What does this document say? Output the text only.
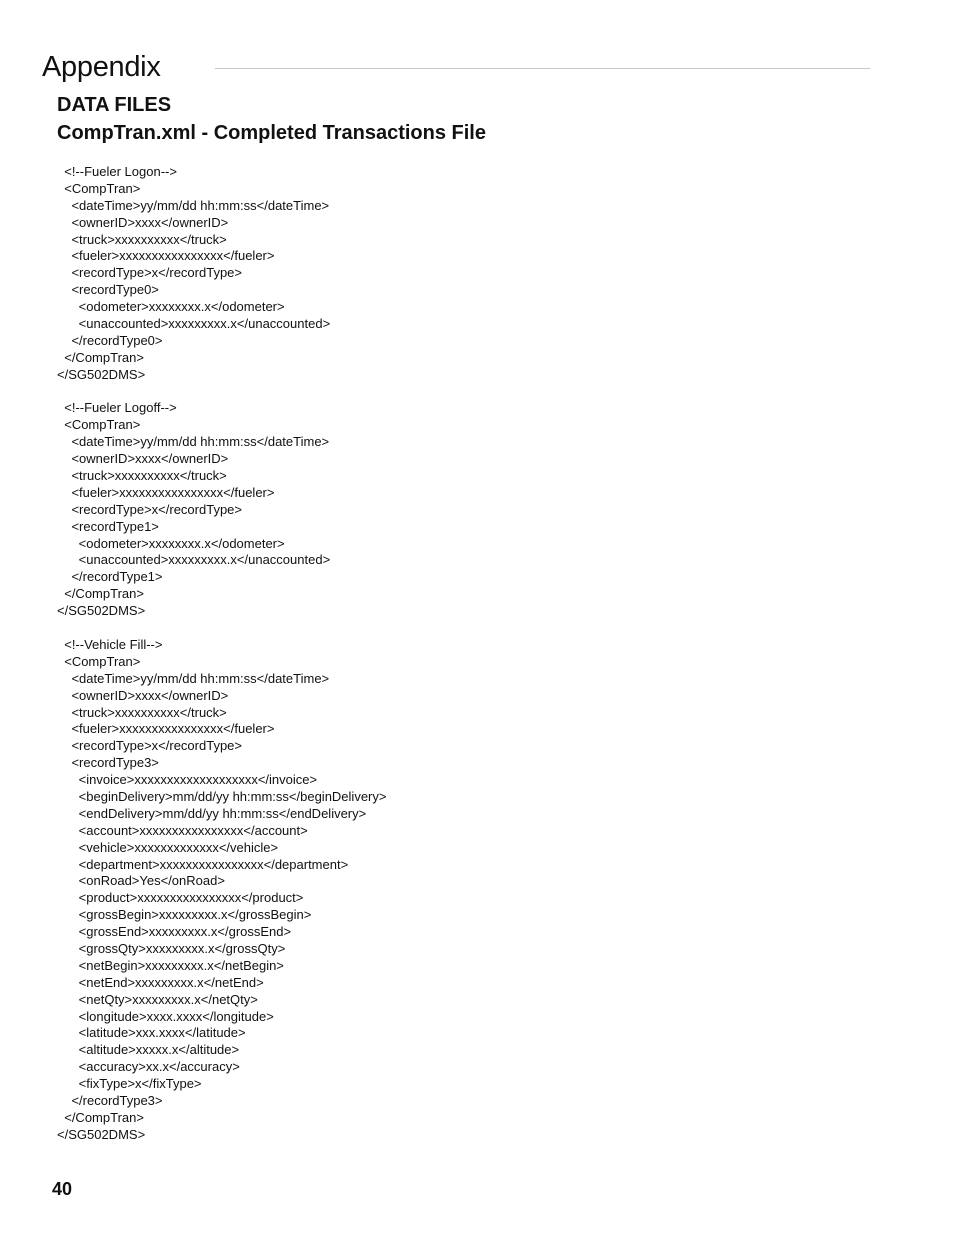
Appendix
DATA FILES
CompTran.xml - Completed Transactions File
<!--Fueler Logon-->
<CompTran>
<dateTime>yy/mm/dd hh:mm:ss</dateTime>
<ownerID>xxxx</ownerID>
<truck>xxxxxxxxxx</truck>
<fueler>xxxxxxxxxxxxxxxx</fueler>
<recordType>x</recordType>
<recordType0>
<odometer>xxxxxxxx.x</odometer>
<unaccounted>xxxxxxxxx.x</unaccounted>
</recordType0>
</CompTran>
</SG502DMS>
<!--Fueler Logoff-->
<CompTran>
<dateTime>yy/mm/dd hh:mm:ss</dateTime>
<ownerID>xxxx</ownerID>
<truck>xxxxxxxxxx</truck>
<fueler>xxxxxxxxxxxxxxxx</fueler>
<recordType>x</recordType>
<recordType1>
<odometer>xxxxxxxx.x</odometer>
<unaccounted>xxxxxxxxx.x</unaccounted>
</recordType1>
</CompTran>
</SG502DMS>
<!--Vehicle Fill-->
<CompTran>
<dateTime>yy/mm/dd hh:mm:ss</dateTime>
<ownerID>xxxx</ownerID>
<truck>xxxxxxxxxx</truck>
<fueler>xxxxxxxxxxxxxxxx</fueler>
<recordType>x</recordType>
<recordType3>
<invoice>xxxxxxxxxxxxxxxxxxx</invoice>
<beginDelivery>mm/dd/yy hh:mm:ss</beginDelivery>
<endDelivery>mm/dd/yy hh:mm:ss</endDelivery>
<account>xxxxxxxxxxxxxxxx</account>
<vehicle>xxxxxxxxxxxxx</vehicle>
<department>xxxxxxxxxxxxxxxx</department>
<onRoad>Yes</onRoad>
<product>xxxxxxxxxxxxxxxx</product>
<grossBegin>xxxxxxxxx.x</grossBegin>
<grossEnd>xxxxxxxxx.x</grossEnd>
<grossQty>xxxxxxxxx.x</grossQty>
<netBegin>xxxxxxxxx.x</netBegin>
<netEnd>xxxxxxxxx.x</netEnd>
<netQty>xxxxxxxxx.x</netQty>
<longitude>xxxx.xxxx</longitude>
<latitude>xxx.xxxx</latitude>
<altitude>xxxxx.x</altitude>
<accuracy>xx.x</accuracy>
<fixType>x</fixType>
</recordType3>
</CompTran>
</SG502DMS>
40
